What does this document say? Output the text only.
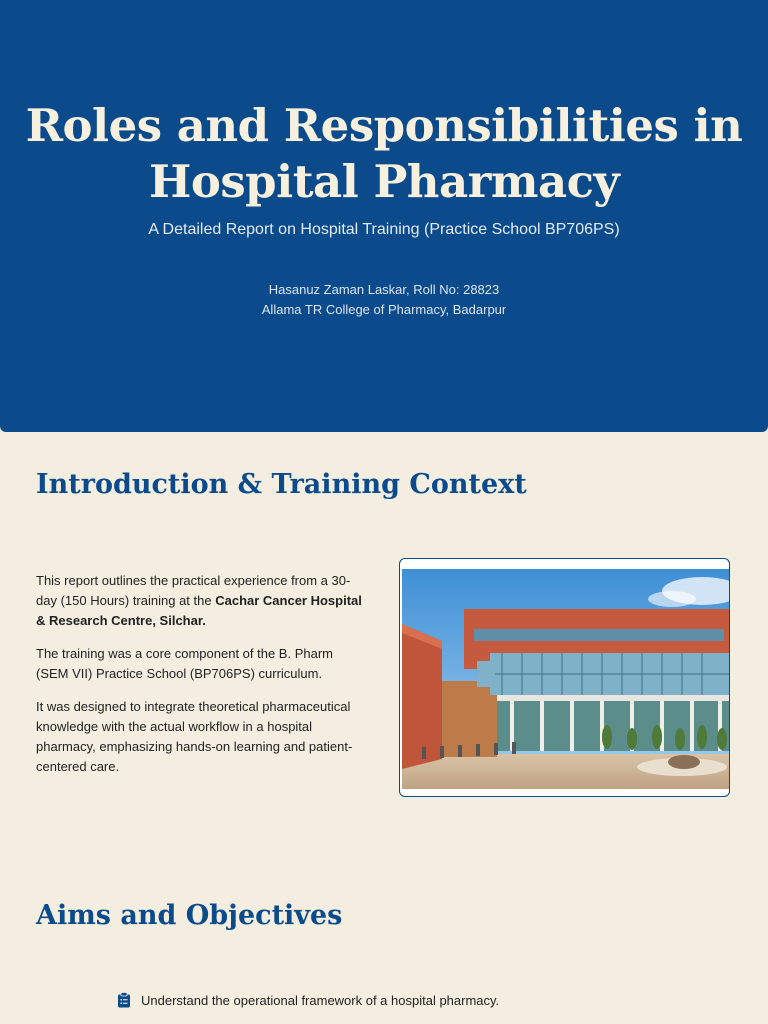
Roles and Responsibilities in Hospital Pharmacy
A Detailed Report on Hospital Training (Practice School BP706PS)
Hasanuz Zaman Laskar, Roll No: 28823
Allama TR College of Pharmacy, Badarpur
Introduction & Training Context

This report outlines the practical experience from a 30-day (150 Hours) training at the Cachar Cancer Hospital & Research Centre, Silchar.

The training was a core component of the B. Pharm (SEM VII) Practice School (BP706PS) curriculum.

It was designed to integrate theoretical pharmaceutical knowledge with the actual workflow in a hospital pharmacy, emphasizing hands-on learning and patient-centered care.

Aims and Objectives
Understand the operational framework of a hospital pharmacy.
